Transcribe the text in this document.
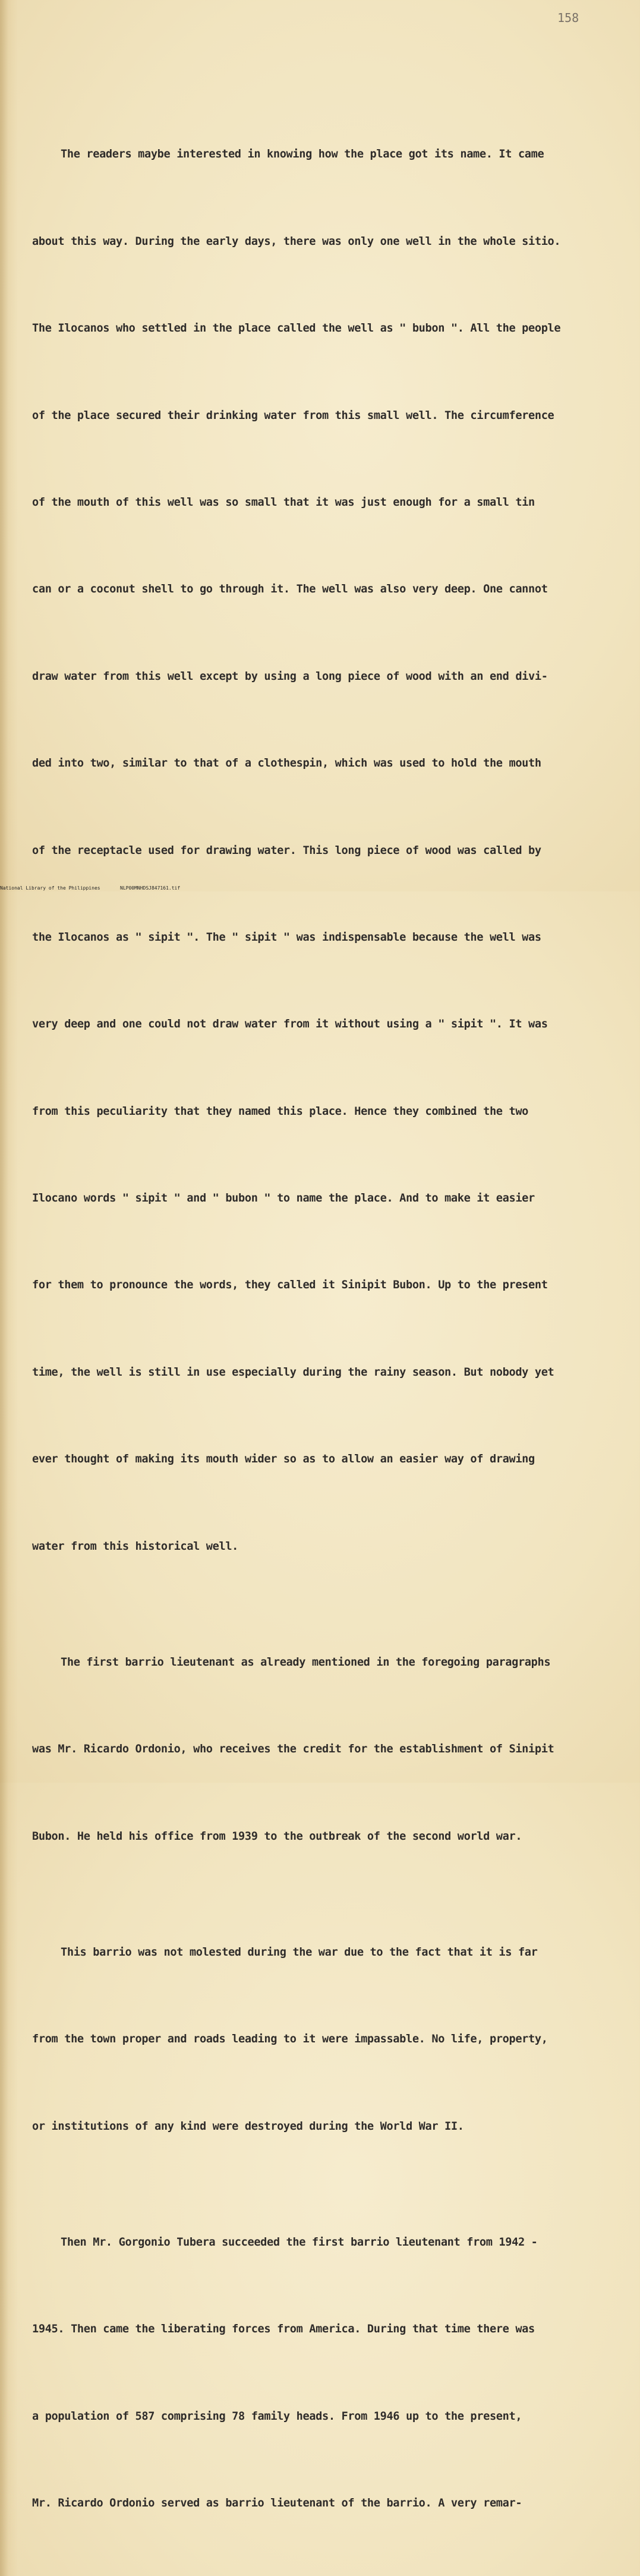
158

The readers maybe interested in knowing how the place got its name. It came

about this way. During the early days, there was only one well in the whole sitio.

The Ilocanos who settled in the place called the well as " bubon ". All the people

of the place secured their drinking water from this small well. The circumference

of the mouth of this well was so small that it was just enough for a small tin

can or a coconut shell to go through it. The well was also very deep. One cannot

draw water from this well except by using a long piece of wood with an end divi-

ded into two, similar to that of a clothespin, which was used to hold the mouth

of the receptacle used for drawing water. This long piece of wood was called by

the Ilocanos as " sipit ". The " sipit " was indispensable because the well was

very deep and one could not draw water from it without using a " sipit ". It was

from this peculiarity that they named this place. Hence they combined the two

Ilocano words " sipit " and " bubon " to name the place. And to make it easier

for them to pronounce the words, they called it Sinipit Bubon. Up to the present

time, the well is still in use especially during the rainy season. But nobody yet

ever thought of making its mouth wider so as to allow an easier way of drawing

water from this historical well.

The first barrio lieutenant as already mentioned in the foregoing paragraphs

was Mr. Ricardo Ordonio, who receives the credit for the establishment of Sinipit

Bubon. He held his office from 1939 to the outbreak of the second world war.

This barrio was not molested during the war due to the fact that it is far

from the town proper and roads leading to it were impassable. No life, property,

or institutions of any kind were destroyed during the World War II.

Then Mr. Gorgonio Tubera succeeded the first barrio lieutenant from 1942 -

1945. Then came the liberating forces from America. During that time there was

a population of 587 comprising 78 family heads. From 1946 up to the present,

Mr. Ricardo Ordonio served as barrio lieutenant of the barrio. A very remar-

National Library of the Philippines	NLP00MNHDSJ847161.tif
